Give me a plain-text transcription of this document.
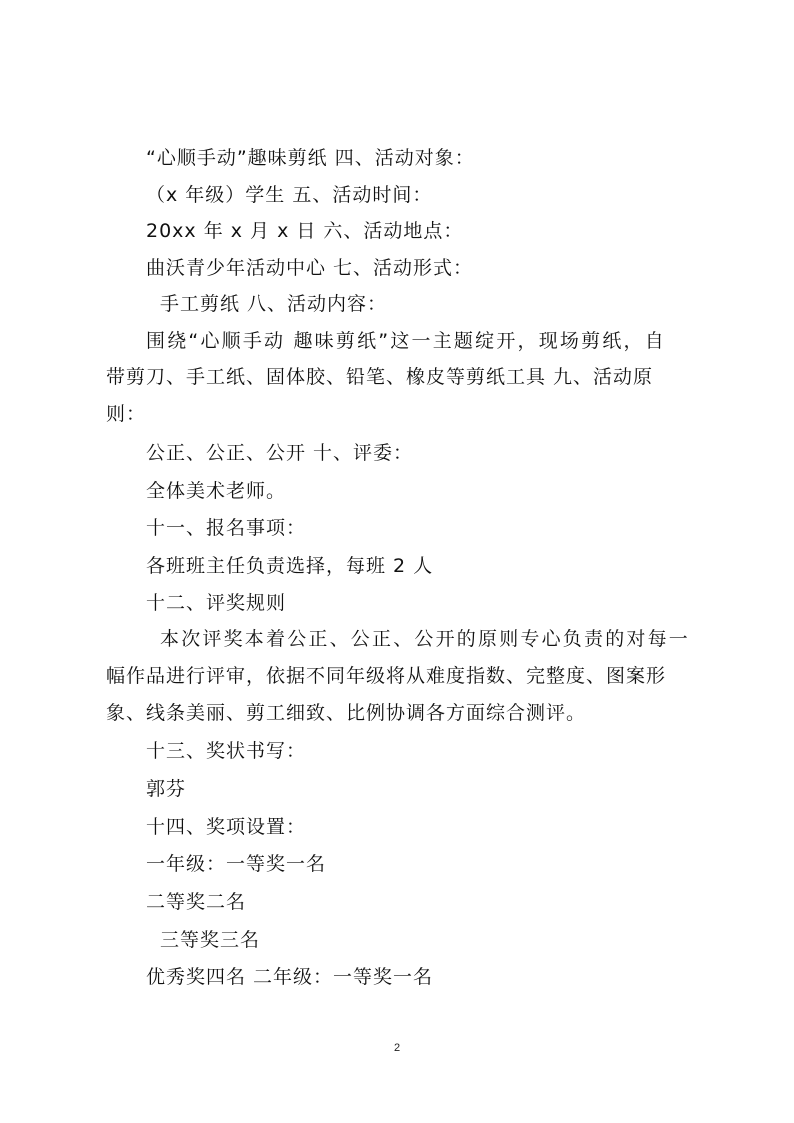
“心顺手动”趣味剪纸 四、活动对象：
（x 年级）学生 五、活动时间：
20xx 年 x 月 x 日 六、活动地点：
曲沃青少年活动中心 七、活动形式：
手工剪纸 八、活动内容：
围绕“心顺手动 趣味剪纸”这一主题绽开，现场剪纸，自
带剪刀、手工纸、固体胶、铅笔、橡皮等剪纸工具 九、活动原
则：
公正、公正、公开 十、评委：
全体美术老师。
十一、报名事项：
各班班主任负责选择，每班 2 人
十二、评奖规则
本次评奖本着公正、公正、公开的原则专心负责的对每一
幅作品进行评审，依据不同年级将从难度指数、完整度、图案形
象、线条美丽、剪工细致、比例协调各方面综合测评。
十三、奖状书写：
郭芬
十四、奖项设置：
一年级：一等奖一名
二等奖二名
三等奖三名
优秀奖四名 二年级：一等奖一名
2
